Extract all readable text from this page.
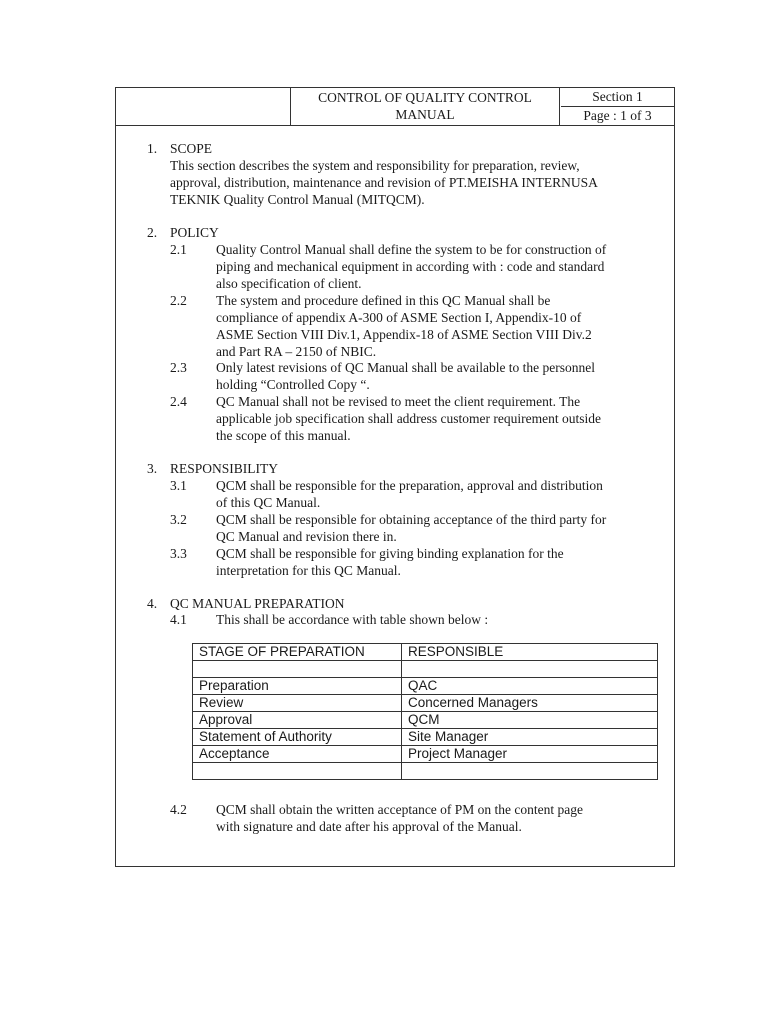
CONTROL OF QUALITY CONTROL
MANUAL
Section 1
Page : 1 of 3
1. SCOPE
This section describes the system and responsibility for preparation, review,
approval, distribution, maintenance and revision of PT.MEISHA INTERNUSA
TEKNIK Quality Control Manual (MITQCM).
2. POLICY
2.1 Quality Control Manual shall define the system to be for construction of
piping and mechanical equipment in according with : code and standard
also specification of client.
2.2 The system and procedure defined in this QC Manual shall be
compliance of appendix A-300 of ASME Section I, Appendix-10 of
ASME Section VIII Div.1, Appendix-18 of ASME Section VIII Div.2
and Part RA – 2150 of NBIC.
2.3 Only latest revisions of QC Manual shall be available to the personnel
holding “Controlled Copy “.
2.4 QC Manual shall not be revised to meet the client requirement. The
applicable job specification shall address customer requirement outside
the scope of this manual.
3. RESPONSIBILITY
3.1 QCM shall be responsible for the preparation, approval and distribution
of this QC Manual.
3.2 QCM shall be responsible for obtaining acceptance of the third party for
QC Manual and revision there in.
3.3 QCM shall be responsible for giving binding explanation for the
interpretation for this QC Manual.
4. QC MANUAL PREPARATION
4.1 This shall be accordance with table shown below :
STAGE OF PREPARATION	RESPONSIBLE

Preparation	QAC
Review	Concerned Managers
Approval	QCM
Statement of Authority	Site Manager
Acceptance	Project Manager

4.2 QCM shall obtain the written acceptance of PM on the content page
with signature and date after his approval of the Manual.
